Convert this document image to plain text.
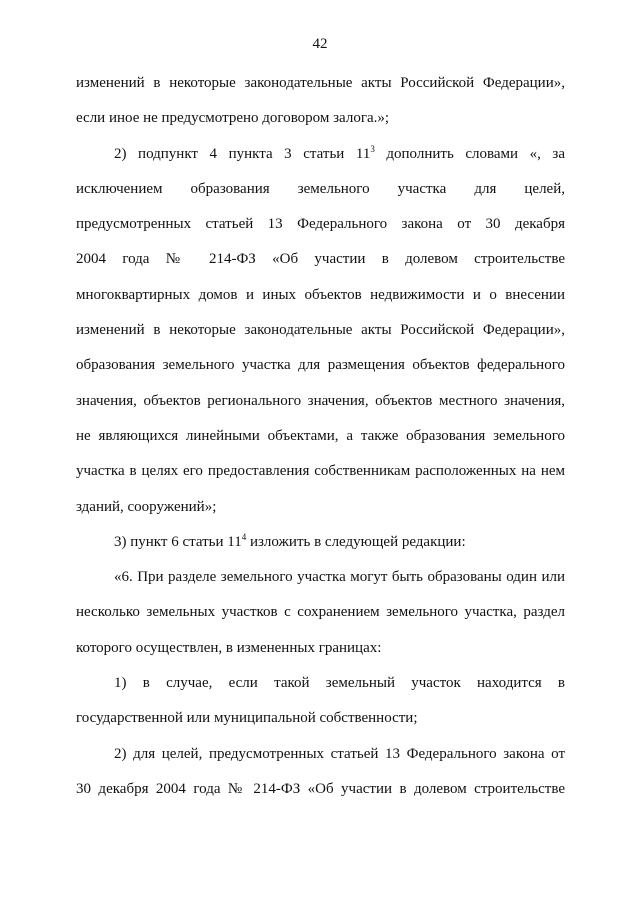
42
изменений в некоторые законодательные акты Российской Федерации»,
если иное не предусмотрено договором залога.»;
2) подпункт 4 пункта 3 статьи $11^3$ дополнить словами «, за
исключением образования земельного участка для целей,
предусмотренных статьей 13 Федерального закона от 30 декабря
2004 года № 214-ФЗ «Об участии в долевом строительстве
многоквартирных домов и иных объектов недвижимости и о внесении
изменений в некоторые законодательные акты Российской Федерации»,
образования земельного участка для размещения объектов федерального
значения, объектов регионального значения, объектов местного значения,
не являющихся линейными объектами, а также образования земельного
участка в целях его предоставления собственникам расположенных на нем
зданий, сооружений»;
3) пункт 6 статьи $11^4$ изложить в следующей редакции:
«6. При разделе земельного участка могут быть образованы один или
несколько земельных участков с сохранением земельного участка, раздел
которого осуществлен, в измененных границах:
1) в случае, если такой земельный участок находится в
государственной или муниципальной собственности;
2) для целей, предусмотренных статьей 13 Федерального закона от
30 декабря 2004 года № 214-ФЗ «Об участии в долевом строительстве
